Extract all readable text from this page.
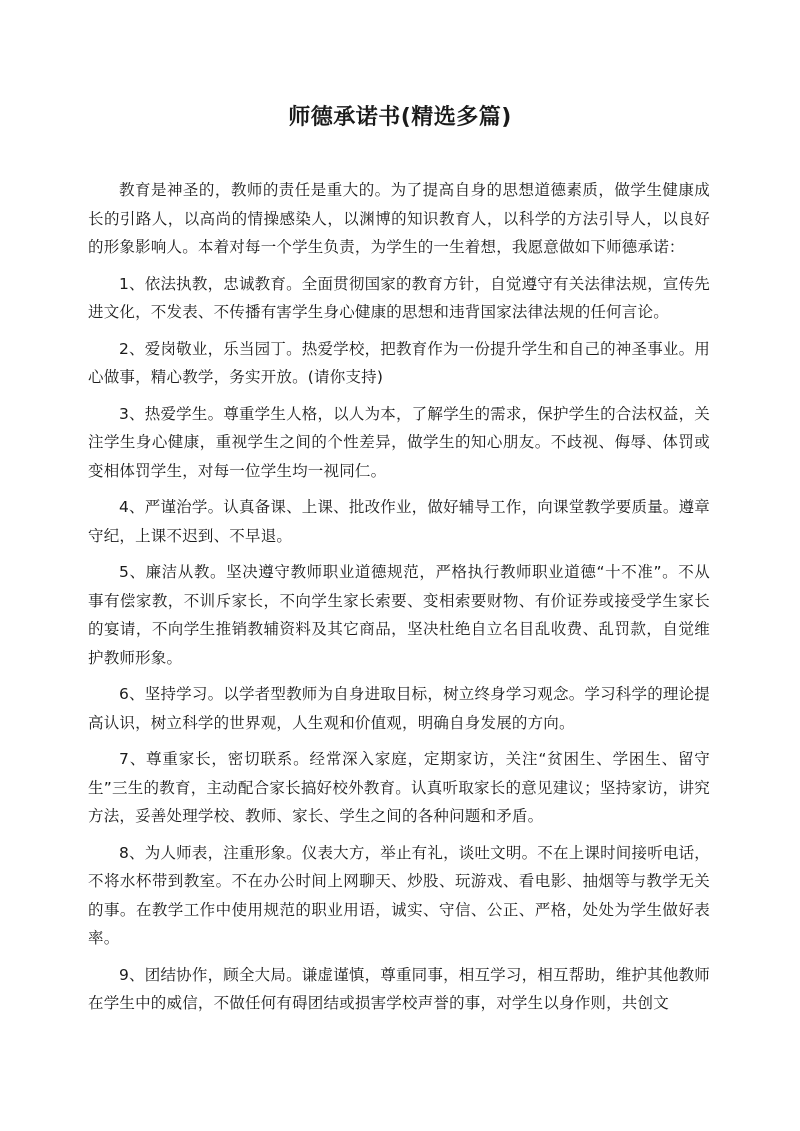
师德承诺书(精选多篇)

教育是神圣的，教师的责任是重大的。为了提高自身的思想道德素质，做学生健康成长的引路人，以高尚的情操感染人，以渊博的知识教育人，以科学的方法引导人，以良好的形象影响人。本着对每一个学生负责，为学生的一生着想，我愿意做如下师德承诺：

1、依法执教，忠诚教育。全面贯彻国家的教育方针，自觉遵守有关法律法规，宣传先进文化，不发表、不传播有害学生身心健康的思想和违背国家法律法规的任何言论。

2、爱岗敬业，乐当园丁。热爱学校，把教育作为一份提升学生和自己的神圣事业。用心做事，精心教学，务实开放。(请你支持)

3、热爱学生。尊重学生人格，以人为本，了解学生的需求，保护学生的合法权益，关注学生身心健康，重视学生之间的个性差异，做学生的知心朋友。不歧视、侮辱、体罚或变相体罚学生，对每一位学生均一视同仁。

4、严谨治学。认真备课、上课、批改作业，做好辅导工作，向课堂教学要质量。遵章守纪，上课不迟到、不早退。

5、廉洁从教。坚决遵守教师职业道德规范，严格执行教师职业道德“十不准”。不从事有偿家教，不训斥家长，不向学生家长索要、变相索要财物、有价证券或接受学生家长的宴请，不向学生推销教辅资料及其它商品，坚决杜绝自立名目乱收费、乱罚款，自觉维护教师形象。

6、坚持学习。以学者型教师为自身进取目标，树立终身学习观念。学习科学的理论提高认识，树立科学的世界观，人生观和价值观，明确自身发展的方向。

7、尊重家长，密切联系。经常深入家庭，定期家访，关注“贫困生、学困生、留守生”三生的教育，主动配合家长搞好校外教育。认真听取家长的意见建议；坚持家访，讲究方法，妥善处理学校、教师、家长、学生之间的各种问题和矛盾。

8、为人师表，注重形象。仪表大方，举止有礼，谈吐文明。不在上课时间接听电话，不将水杯带到教室。不在办公时间上网聊天、炒股、玩游戏、看电影、抽烟等与教学无关的事。在教学工作中使用规范的职业用语，诚实、守信、公正、严格，处处为学生做好表率。

9、团结协作，顾全大局。谦虚谨慎，尊重同事，相互学习，相互帮助，维护其他教师在学生中的威信，不做任何有碍团结或损害学校声誉的事，对学生以身作则，共创文
